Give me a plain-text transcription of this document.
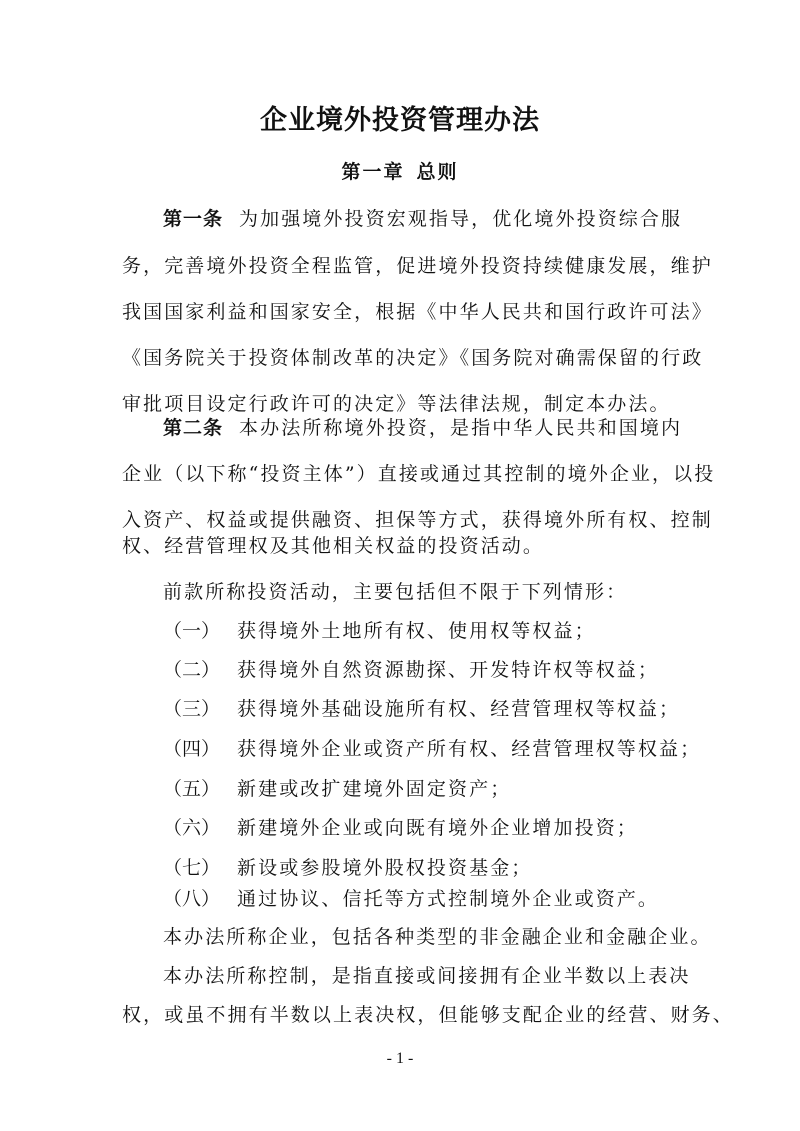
企业境外投资管理办法
第一章 总则
第一条 为加强境外投资宏观指导，优化境外投资综合服
务，完善境外投资全程监管，促进境外投资持续健康发展，维护
我国国家利益和国家安全，根据《中华人民共和国行政许可法》
《国务院关于投资体制改革的决定》《国务院对确需保留的行政
审批项目设定行政许可的决定》等法律法规，制定本办法。
第二条 本办法所称境外投资，是指中华人民共和国境内
企业（以下称“投资主体”）直接或通过其控制的境外企业，以投
入资产、权益或提供融资、担保等方式，获得境外所有权、控制
权、经营管理权及其他相关权益的投资活动。
前款所称投资活动，主要包括但不限于下列情形：
（一） 获得境外土地所有权、使用权等权益；
（二） 获得境外自然资源勘探、开发特许权等权益；
（三） 获得境外基础设施所有权、经营管理权等权益；
（四） 获得境外企业或资产所有权、经营管理权等权益；
（五） 新建或改扩建境外固定资产；
（六） 新建境外企业或向既有境外企业增加投资；
（七） 新设或参股境外股权投资基金；
（八） 通过协议、信托等方式控制境外企业或资产。
- 1 -
本办法所称企业，包括各种类型的非金融企业和金融企业。
本办法所称控制，是指直接或间接拥有企业半数以上表决
权，或虽不拥有半数以上表决权，但能够支配企业的经营、财务、
